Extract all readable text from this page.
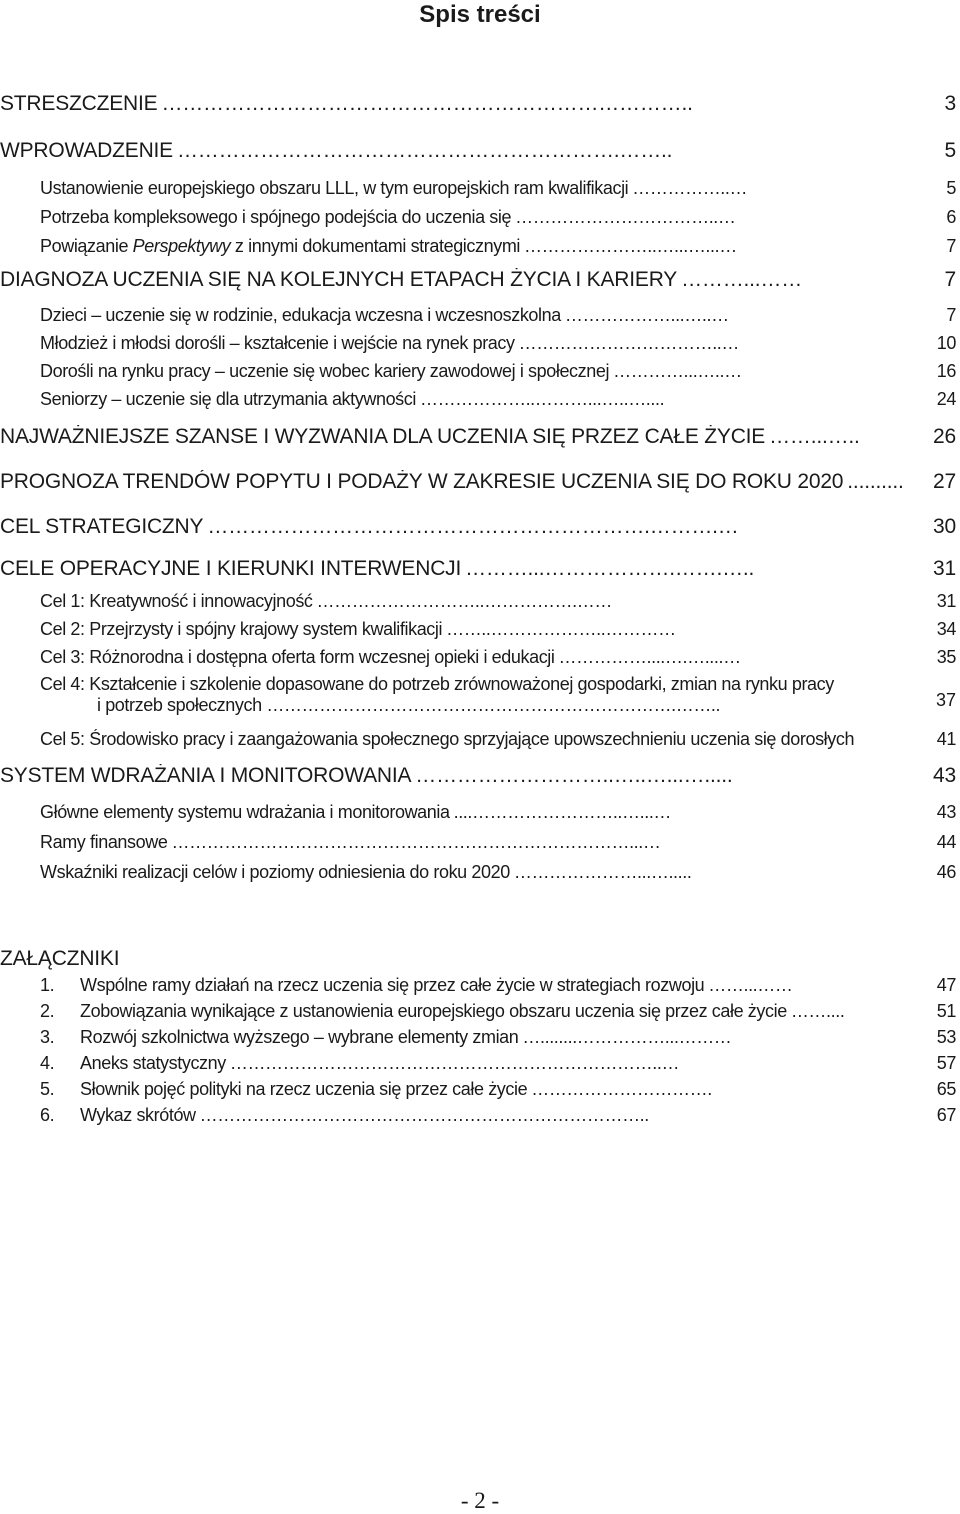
Spis treści
STRESZCZENIE …………………………………………………………………..	3
WPROWADZENIE ……………………………………………………….……..	5
Ustanowienie europejskiego obszaru LLL, w tym europejskich ram kwalifikacji ……………..…	5
Potrzeba kompleksowego i spójnego podejścia do uczenia się ……………………………..…	6
Powiązanie Perspektywy z innymi dokumentami strategicznymi …………………..…...…...…	7
DIAGNOZA UCZENIA SIĘ NA KOLEJNYCH ETAPACH ŻYCIA I KARIERY ………...……	7
Dzieci – uczenie się w rodzinie, edukacja wczesna i wczesnoszkolna ………………...…..…	7
Młodzież i młodsi dorośli – kształcenie i wejście na rynek pracy ……………………………..…	10
Dorośli na rynku pracy – uczenie się wobec kariery zawodowej i społecznej …………...…..…	16
Seniorzy – uczenie się dla utrzymania aktywności ………………..………...…..…....	24
NAJWAŻNIEJSZE SZANSE I WYZWANIA DLA UCZENIA SIĘ PRZEZ CAŁE ŻYCIE ……...…..	26
PROGNOZA TRENDÓW POPYTU I PODAŻY W ZAKRESIE UCZENIA SIĘ DO ROKU 2020 .......... 27
CEL STRATEGICZNY ……………………………………………………….……….…	30
CELE OPERACYJNE I KIERUNKI INTERWENCJI ………...……………….…….…..	31
Cel 1: Kreatywność i innowacyjność ………………………..…………….……	31
Cel 2: Przejrzysty i spójny krajowy system kwalifikacji ……..………………..…………	34
Cel 3: Różnorodna i dostępna oferta form wczesnej opieki i edukacji ……………....….…....…	35
Cel 4: Kształcenie i szkolenie dopasowane do potrzeb zrównoważonej gospodarki, zmian na rynku pracy
i potrzeb społecznych …………………………………………………………….……..	37
Cel 5: Środowisko pracy i zaangażowania społecznego sprzyjające upowszechnieniu uczenia się dorosłych	41
SYSTEM WDRAŻANIA I MONITOROWANIA ………………………..…..…...….....	43
Główne elementy systemu wdrażania i monitorowania ....……………………..…...…	43
Ramy finansowe ……………………………………………………………………...…	44
Wskaźniki realizacji celów i poziomy odniesienia do roku 2020 …………………...….....	46
ZAŁĄCZNIKI
1.	Wspólne ramy działań na rzecz uczenia się przez całe życie w strategiach rozwoju ……...……	47
2.	Zobowiązania wynikające z ustanowienia europejskiego obszaru uczenia się przez całe życie ……....	51
3.	Rozwój szkolnictwa wyższego – wybrane elementy zmian …........……………...………	53
4.	Aneks statystyczny ………………………………………………………………..…	57
5.	Słownik pojęć polityki na rzecz uczenia się przez całe życie ………………………….	65
6.	Wykaz skrótów …………………………………………………………………..	67
- 2 -
